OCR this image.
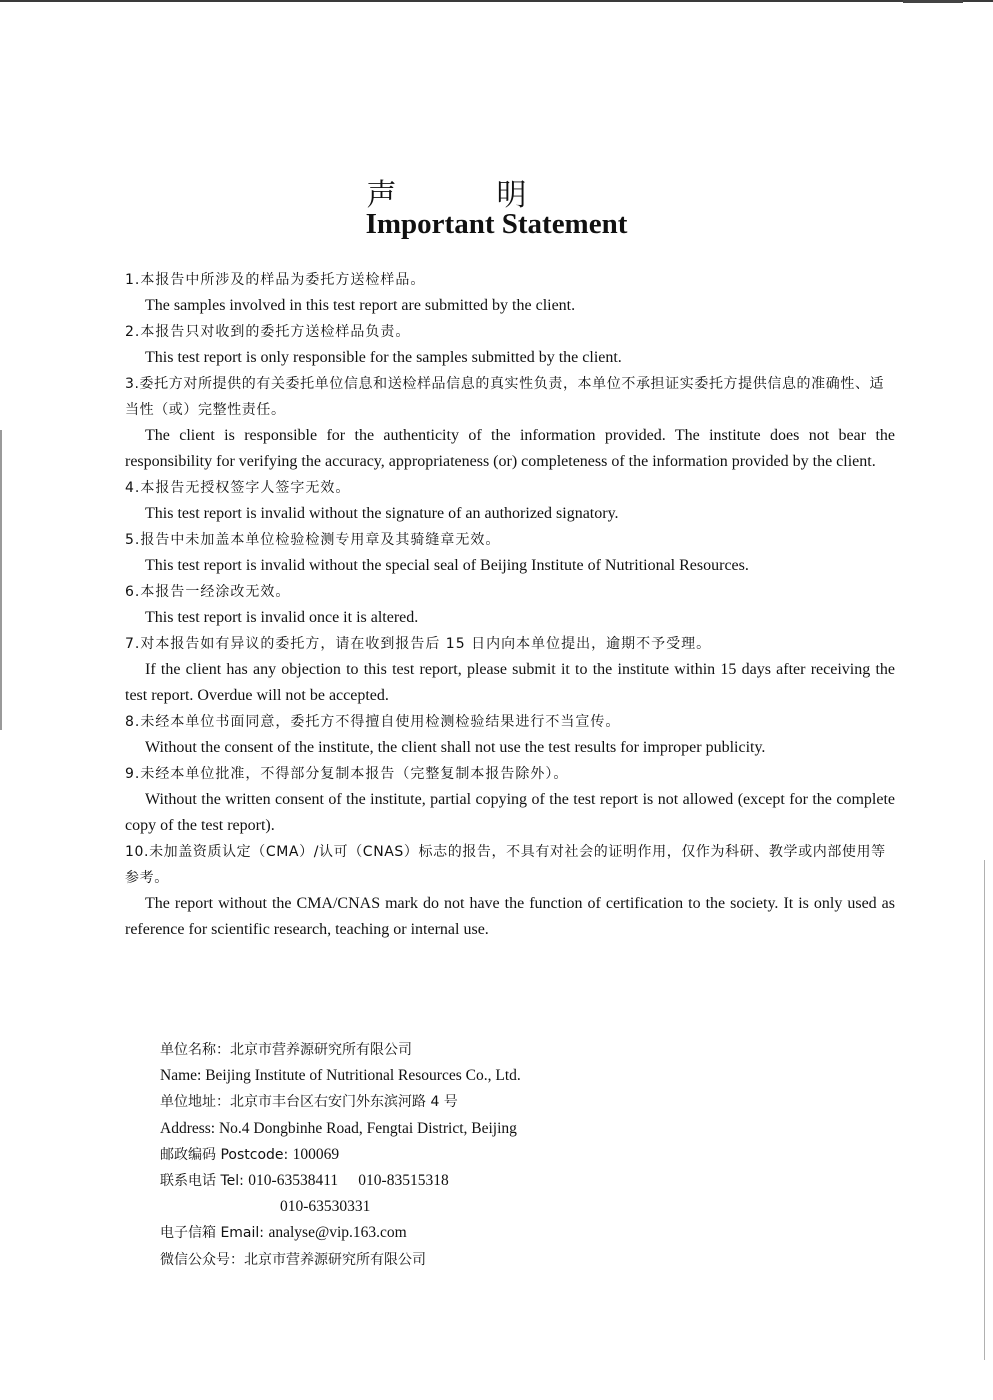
声明
Important Statement
1.本报告中所涉及的样品为委托方送检样品。
The samples involved in this test report are submitted by the client.
2.本报告只对收到的委托方送检样品负责。
This test report is only responsible for the samples submitted by the client.
3.委托方对所提供的有关委托单位信息和送检样品信息的真实性负责，本单位不承担证实委托方提供信息的准确性、适当性（或）完整性责任。
The client is responsible for the authenticity of the information provided. The institute does not bear the responsibility for verifying the accuracy, appropriateness (or) completeness of the information provided by the client.
4.本报告无授权签字人签字无效。
This test report is invalid without the signature of an authorized signatory.
5.报告中未加盖本单位检验检测专用章及其骑缝章无效。
This test report is invalid without the special seal of Beijing Institute of Nutritional Resources.
6.本报告一经涂改无效。
This test report is invalid once it is altered.
7.对本报告如有异议的委托方，请在收到报告后 15 日内向本单位提出，逾期不予受理。
If the client has any objection to this test report, please submit it to the institute within 15 days after receiving the test report. Overdue will not be accepted.
8.未经本单位书面同意，委托方不得擅自使用检测检验结果进行不当宣传。
Without the consent of the institute, the client shall not use the test results for improper publicity.
9.未经本单位批准，不得部分复制本报告（完整复制本报告除外）。
Without the written consent of the institute, partial copying of the test report is not allowed (except for the complete copy of the test report).
10.未加盖资质认定（CMA）/认可（CNAS）标志的报告，不具有对社会的证明作用，仅作为科研、教学或内部使用等参考。
The report without the CMA/CNAS mark do not have the function of certification to the society. It is only used as reference for scientific research, teaching or internal use.
单位名称：北京市营养源研究所有限公司
Name: Beijing Institute of Nutritional Resources Co., Ltd.
单位地址：北京市丰台区右安门外东滨河路 4 号
Address: No.4 Dongbinhe Road, Fengtai District, Beijing
邮政编码 Postcode: 100069
联系电话 Tel: 010-63538411 010-83515318
010-63530331
电子信箱 Email: analyse@vip.163.com
微信公众号：北京市营养源研究所有限公司
